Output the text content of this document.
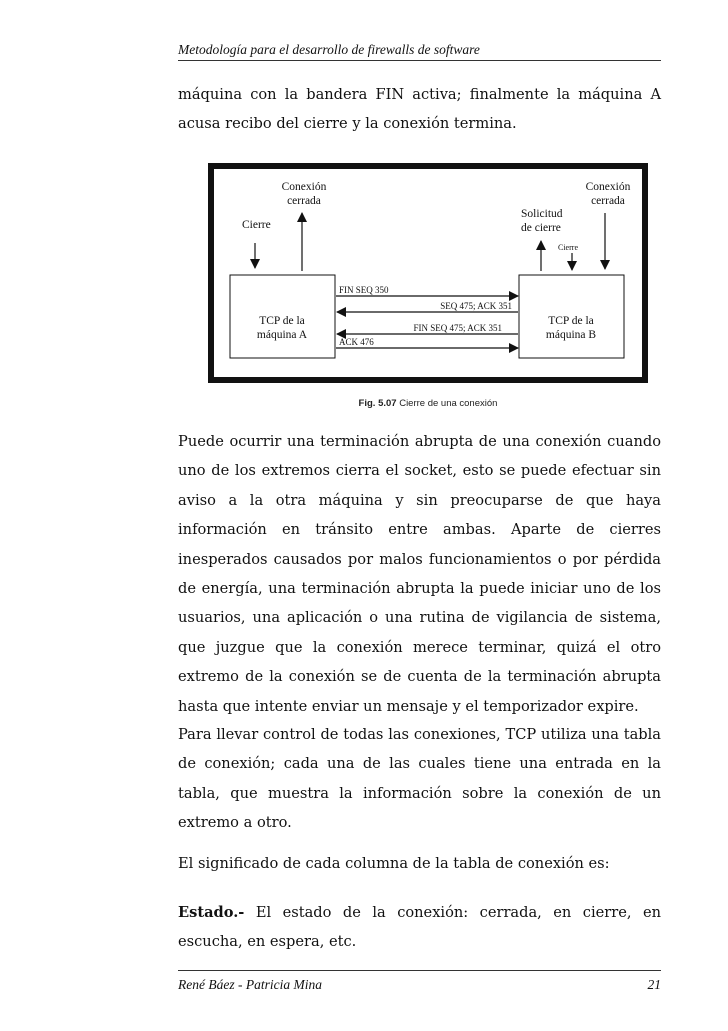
Metodología para el desarrollo de firewalls de software

máquina con la bandera FIN activa; finalmente la máquina A acusa recibo del cierre y la conexión termina.

Conexión
cerrada
Cierre
TCP de la
máquina A
Conexión
cerrada
Solicitud
de cierre
Cierre
TCP de la
máquina B
FIN SEQ 350
SEQ 475; ACK 351
FIN SEQ 475; ACK 351
ACK 476
Fig. 5.07 Cierre de una conexión

Puede ocurrir una terminación abrupta de una conexión cuando uno de los extremos cierra el socket, esto se puede efectuar sin aviso a la otra máquina y sin preocuparse de que haya información en tránsito entre ambas. Aparte de cierres inesperados causados por malos funcionamientos o por pérdida de energía, una terminación abrupta la puede iniciar uno de los usuarios, una aplicación o una rutina de vigilancia de sistema, que juzgue que la conexión merece terminar, quizá el otro extremo de la conexión se de cuenta de la terminación abrupta hasta que intente enviar un mensaje y el temporizador expire.

Para llevar control de todas las conexiones, TCP utiliza una tabla de conexión; cada una de las cuales tiene una entrada en la tabla, que muestra la información sobre la conexión de un extremo a otro.

El significado de cada columna de la tabla de conexión es:

Estado.- El estado de la conexión: cerrada, en cierre, en escucha, en espera, etc.

René Báez - Patricia Mina	21
